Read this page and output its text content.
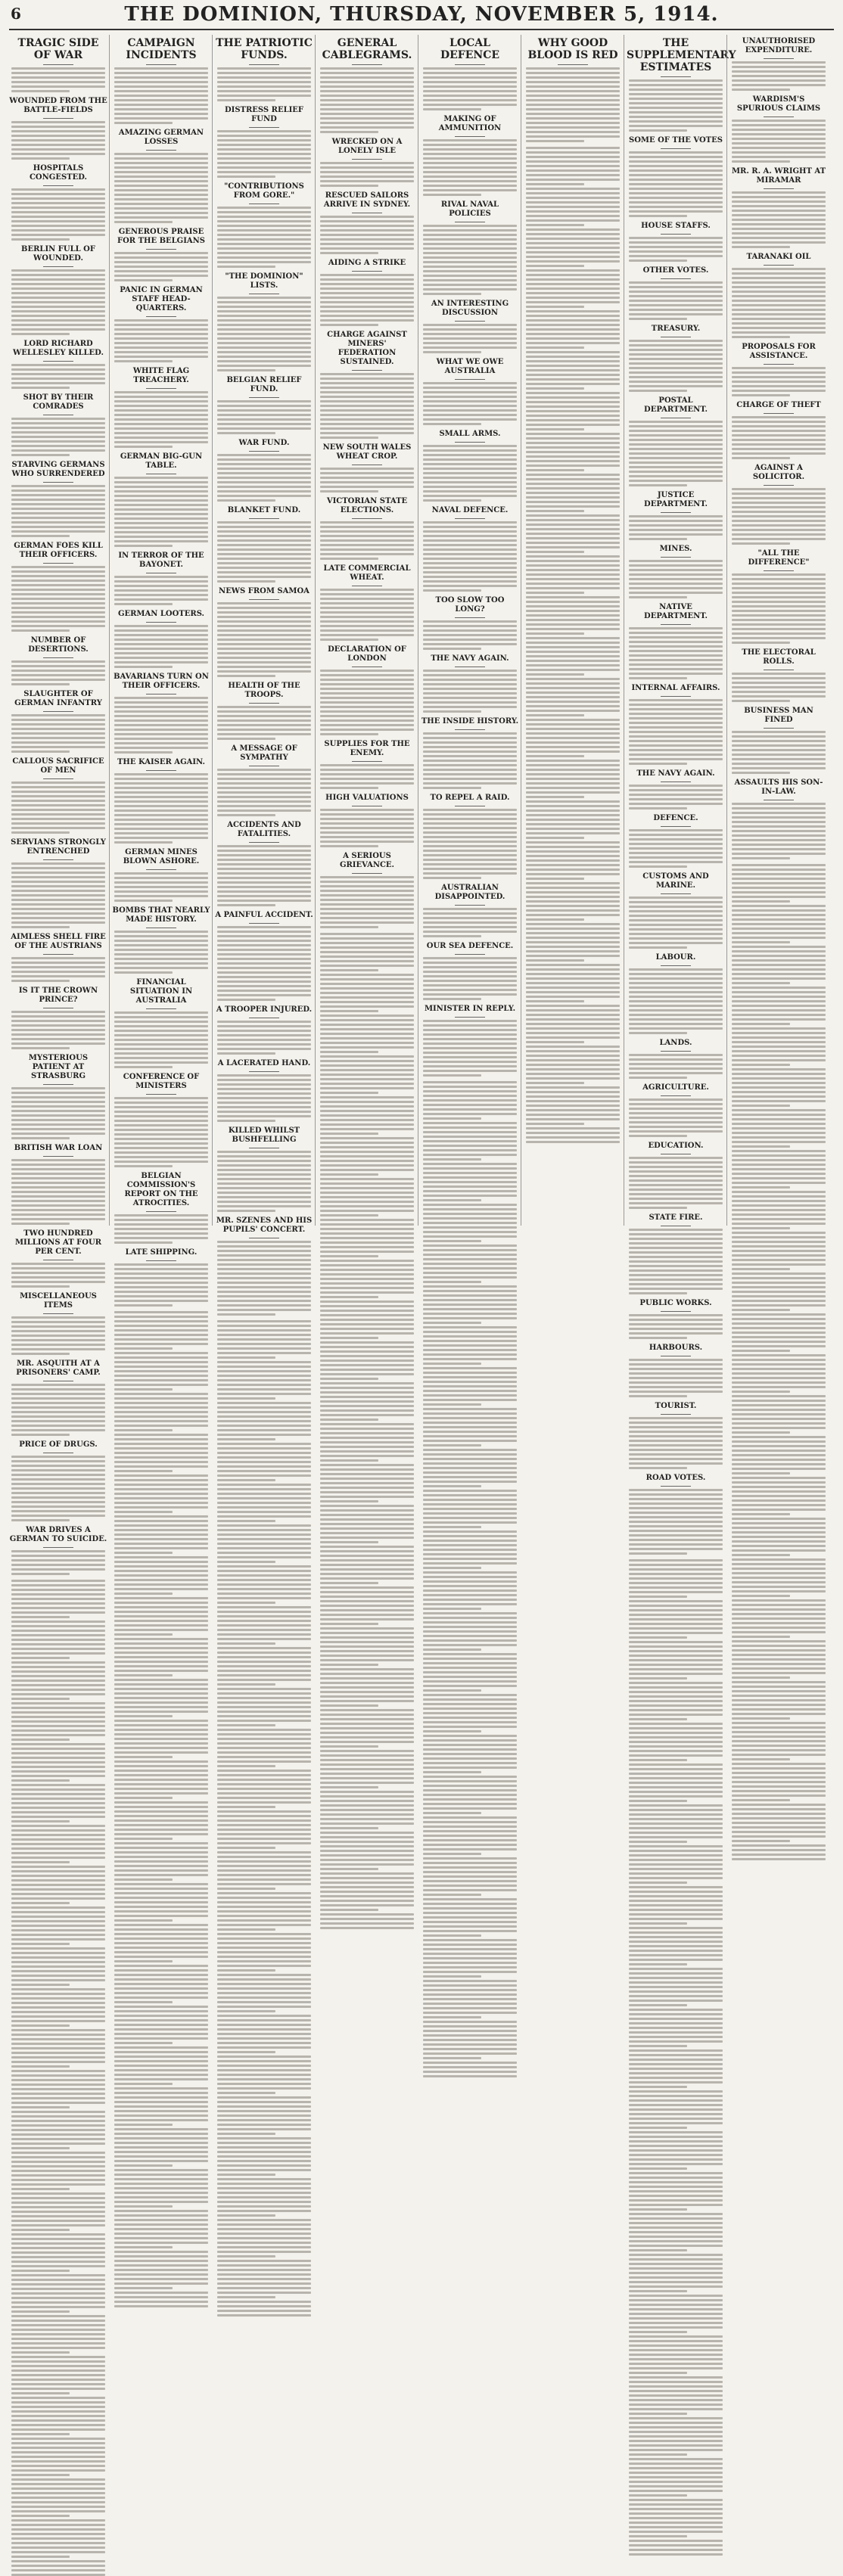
6	THE DOMINION, THURSDAY, NOVEMBER 5, 1914.
TRAGIC SIDE OF WAR
WOUNDED FROM THE BATTLE-FIELDS
HOSPITALS CONGESTED.
BERLIN FULL OF WOUNDED.
LORD RICHARD WELLESLEY KILLED.
SHOT BY THEIR COMRADES
STARVING GERMANS WHO SURRENDERED
GERMAN FOES KILL THEIR OFFICERS.
NUMBER OF DESERTIONS.
SLAUGHTER OF GERMAN INFANTRY
CALLOUS SACRIFICE OF MEN
SERVIANS STRONGLY ENTRENCHED
AIMLESS SHELL FIRE OF THE AUSTRIANS
IS IT THE CROWN PRINCE?
MYSTERIOUS PATIENT AT STRASBURG
BRITISH WAR LOAN
TWO HUNDRED MILLIONS AT FOUR PER CENT.
MISCELLANEOUS ITEMS
MR. ASQUITH AT A PRISONERS' CAMP.
PRICE OF DRUGS.
WAR DRIVES A GERMAN TO SUICIDE.
CAMPAIGN INCIDENTS
AMAZING GERMAN LOSSES
GENEROUS PRAISE FOR THE BELGIANS
PANIC IN GERMAN STAFF HEAD-QUARTERS.
WHITE FLAG TREACHERY.
GERMAN BIG-GUN TABLE.
IN TERROR OF THE BAYONET.
GERMAN LOOTERS.
BAVARIANS TURN ON THEIR OFFICERS.
THE KAISER AGAIN.
GERMAN MINES BLOWN ASHORE.
BOMBS THAT NEARLY MADE HISTORY.
FINANCIAL SITUATION IN AUSTRALIA
CONFERENCE OF MINISTERS
BELGIAN COMMISSION'S REPORT ON THE ATROCITIES.
LATE SHIPPING.
THE PATRIOTIC FUNDS.
DISTRESS RELIEF FUND
"CONTRIBUTIONS FROM GORE."
"THE DOMINION" LISTS.
BELGIAN RELIEF FUND.
WAR FUND.
BLANKET FUND.
NEWS FROM SAMOA
HEALTH OF THE TROOPS.
A MESSAGE OF SYMPATHY
ACCIDENTS AND FATALITIES.
A PAINFUL ACCIDENT.
A TROOPER INJURED.
A LACERATED HAND.
KILLED WHILST BUSHFELLING
MR. SZENES AND HIS PUPILS' CONCERT.
GENERAL CABLEGRAMS.
WRECKED ON A LONELY ISLE
RESCUED SAILORS ARRIVE IN SYDNEY.
AIDING A STRIKE
CHARGE AGAINST MINERS' FEDERATION SUSTAINED.
NEW SOUTH WALES WHEAT CROP.
VICTORIAN STATE ELECTIONS.
LATE COMMERCIAL WHEAT.
DECLARATION OF LONDON
SUPPLIES FOR THE ENEMY.
HIGH VALUATIONS
A SERIOUS GRIEVANCE.
LOCAL DEFENCE
MAKING OF AMMUNITION
RIVAL NAVAL POLICIES
AN INTERESTING DISCUSSION
WHAT WE OWE AUSTRALIA
SMALL ARMS.
NAVAL DEFENCE.
TOO SLOW TOO LONG?
THE NAVY AGAIN.
THE INSIDE HISTORY.
TO REPEL A RAID.
AUSTRALIAN DISAPPOINTED.
OUR SEA DEFENCE.
MINISTER IN REPLY.
WHY GOOD BLOOD IS RED
THE SUPPLEMENTARY ESTIMATES
SOME OF THE VOTES
HOUSE STAFFS.
OTHER VOTES.
TREASURY.
POSTAL DEPARTMENT.
JUSTICE DEPARTMENT.
MINES.
NATIVE DEPARTMENT.
INTERNAL AFFAIRS.
THE NAVY AGAIN.
DEFENCE.
CUSTOMS AND MARINE.
LABOUR.
LANDS.
AGRICULTURE.
EDUCATION.
STATE FIRE.
PUBLIC WORKS.
HARBOURS.
TOURIST.
ROAD VOTES.
UNAUTHORISED EXPENDITURE.
WARDISM'S SPURIOUS CLAIMS
MR. R. A. WRIGHT AT MIRAMAR
TARANAKI OIL
PROPOSALS FOR ASSISTANCE.
CHARGE OF THEFT
AGAINST A SOLICITOR.
"ALL THE DIFFERENCE"
THE ELECTORAL ROLLS.
BUSINESS MAN FINED
ASSAULTS HIS SON-IN-LAW.
